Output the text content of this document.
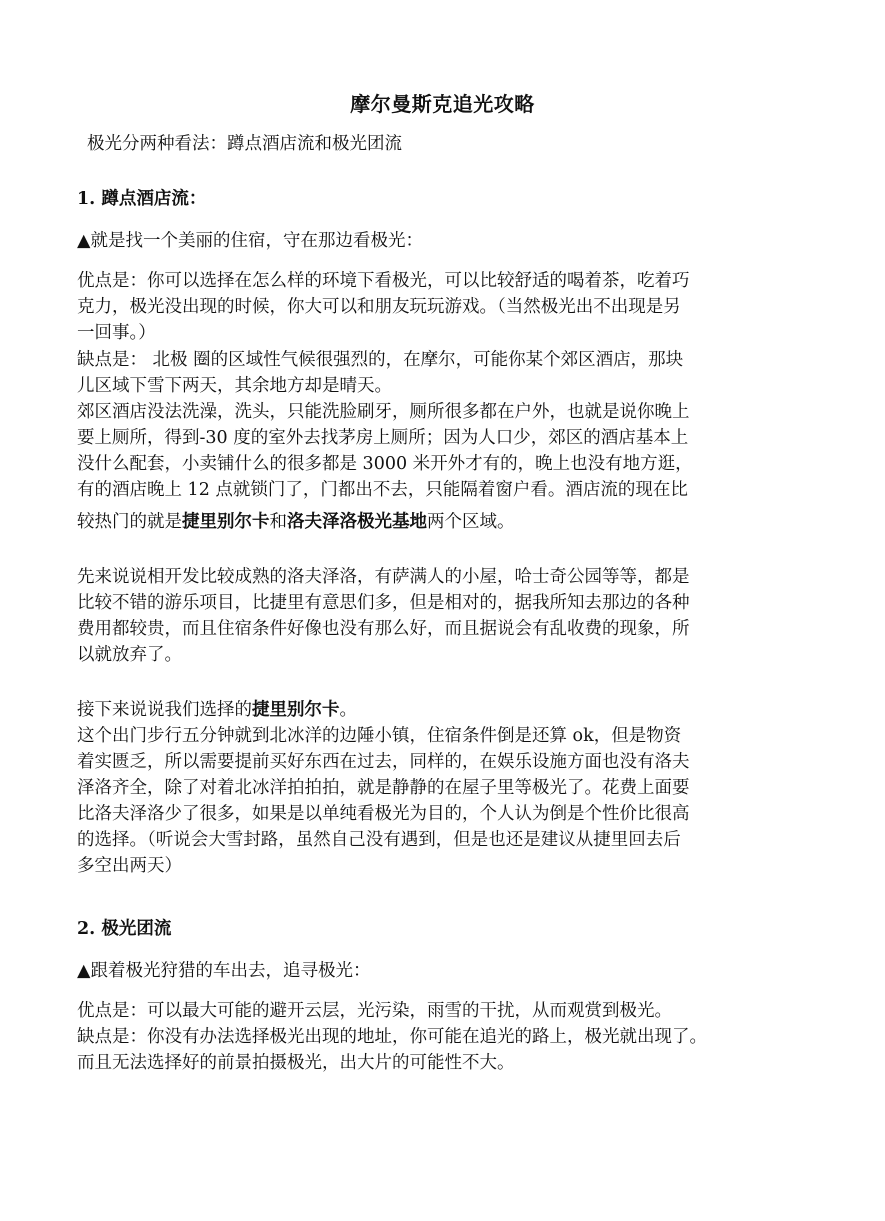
摩尔曼斯克追光攻略
极光分两种看法：蹲点酒店流和极光团流
1. 蹲点酒店流：
▲就是找一个美丽的住宿，守在那边看极光：
优点是：你可以选择在怎么样的环境下看极光，可以比较舒适的喝着茶，吃着巧
克力，极光没出现的时候，你大可以和朋友玩玩游戏。（当然极光出不出现是另
一回事。）
缺点是： 北极 圈的区域性气候很强烈的，在摩尔，可能你某个郊区酒店，那块
儿区域下雪下两天，其余地方却是晴天。
郊区酒店没法洗澡，洗头，只能洗脸刷牙，厕所很多都在户外，也就是说你晚上
要上厕所，得到-30 度的室外去找茅房上厕所；因为人口少，郊区的酒店基本上
没什么配套，小卖铺什么的很多都是 3000 米开外才有的，晚上也没有地方逛，
有的酒店晚上 12 点就锁门了，门都出不去，只能隔着窗户看。酒店流的现在比
较热门的就是捷里别尔卡和洛夫泽洛极光基地两个区域。
先来说说相开发比较成熟的洛夫泽洛，有萨满人的小屋，哈士奇公园等等，都是
比较不错的游乐项目，比捷里有意思们多，但是相对的，据我所知去那边的各种
费用都较贵，而且住宿条件好像也没有那么好，而且据说会有乱收费的现象，所
以就放弃了。
接下来说说我们选择的捷里别尔卡。
这个出门步行五分钟就到北冰洋的边陲小镇，住宿条件倒是还算 ok，但是物资
着实匮乏，所以需要提前买好东西在过去，同样的，在娱乐设施方面也没有洛夫
泽洛齐全，除了对着北冰洋拍拍拍，就是静静的在屋子里等极光了。花费上面要
比洛夫泽洛少了很多，如果是以单纯看极光为目的，个人认为倒是个性价比很高
的选择。（听说会大雪封路，虽然自己没有遇到，但是也还是建议从捷里回去后
多空出两天）
2. 极光团流
▲跟着极光狩猎的车出去，追寻极光：
优点是：可以最大可能的避开云层，光污染，雨雪的干扰，从而观赏到极光。
缺点是：你没有办法选择极光出现的地址，你可能在追光的路上，极光就出现了。
而且无法选择好的前景拍摄极光，出大片的可能性不大。
